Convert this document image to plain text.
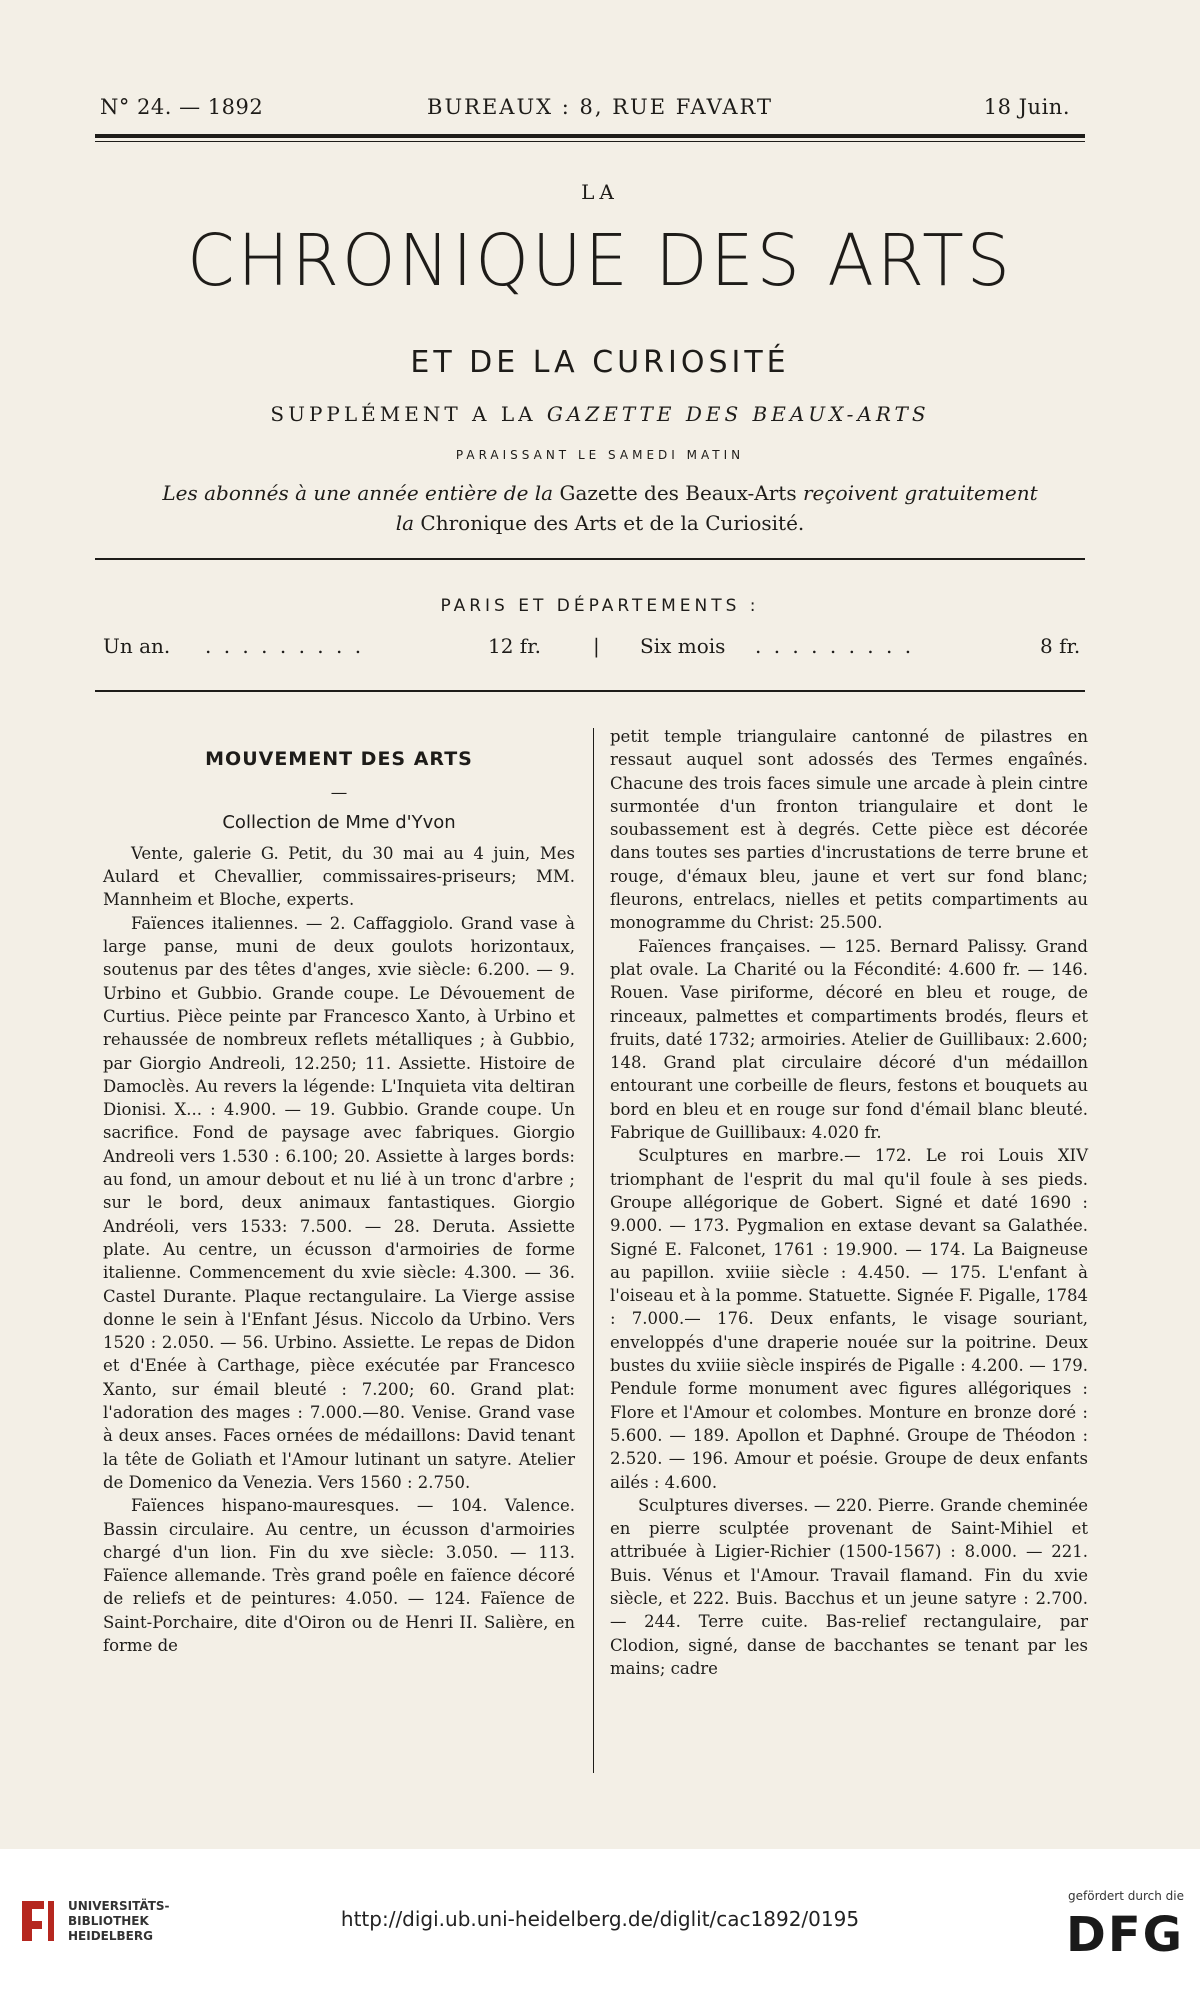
N° 24. — 1892	BUREAUX : 8, RUE FAVART	18 Juin.
LA
CHRONIQUE DES ARTS
ET DE LA CURIOSITÉ
SUPPLÉMENT A LA GAZETTE DES BEAUX-ARTS
PARAISSANT LE SAMEDI MATIN
Les abonnés à une année entière de la Gazette des Beaux-Arts reçoivent gratuitement
la Chronique des Arts et de la Curiosité.
PARIS ET DÉPARTEMENTS :
Un an. . . . . . . . . .	12 fr.	| Six mois . . . . . . . . .	8 fr.
MOUVEMENT DES ARTS
—
Collection de Mme d'Yvon

Vente, galerie G. Petit, du 30 mai au 4 juin, Mes Aulard et Chevallier, commissaires-priseurs; MM. Mannheim et Bloche, experts.

Faïences italiennes. — 2. Caffaggiolo. Grand vase à large panse, muni de deux goulots horizontaux, soutenus par des têtes d'anges, xvie siècle: 6.200. — 9. Urbino et Gubbio. Grande coupe. Le Dévouement de Curtius. Pièce peinte par Francesco Xanto, à Urbino et rehaussée de nombreux reflets métalliques ; à Gubbio, par Giorgio Andreoli, 12.250; 11. Assiette. Histoire de Damoclès. Au revers la légende: L'Inquieta vita deltiran Dionisi. X... : 4.900. — 19. Gubbio. Grande coupe. Un sacrifice. Fond de paysage avec fabriques. Giorgio Andreoli vers 1.530 : 6.100; 20. Assiette à larges bords: au fond, un amour debout et nu lié à un tronc d'arbre ; sur le bord, deux animaux fantastiques. Giorgio Andréoli, vers 1533: 7.500. — 28. Deruta. Assiette plate. Au centre, un écusson d'armoiries de forme italienne. Commencement du xvie siècle: 4.300. — 36. Castel Durante. Plaque rectangulaire. La Vierge assise donne le sein à l'Enfant Jésus. Niccolo da Urbino. Vers 1520 : 2.050. — 56. Urbino. Assiette. Le repas de Didon et d'Enée à Carthage, pièce exécutée par Francesco Xanto, sur émail bleuté : 7.200; 60. Grand plat: l'adoration des mages : 7.000.—80. Venise. Grand vase à deux anses. Faces ornées de médaillons: David tenant la tête de Goliath et l'Amour lutinant un satyre. Atelier de Domenico da Venezia. Vers 1560 : 2.750.

Faïences hispano-mauresques. — 104. Valence. Bassin circulaire. Au centre, un écusson d'armoiries chargé d'un lion. Fin du xve siècle: 3.050. — 113. Faïence allemande. Très grand poêle en faïence décoré de reliefs et de peintures: 4.050. — 124. Faïence de Saint-Porchaire, dite d'Oiron ou de Henri II. Salière, en forme de

petit temple triangulaire cantonné de pilastres en ressaut auquel sont adossés des Termes engaînés. Chacune des trois faces simule une arcade à plein cintre surmontée d'un fronton triangulaire et dont le soubassement est à degrés. Cette pièce est décorée dans toutes ses parties d'incrustations de terre brune et rouge, d'émaux bleu, jaune et vert sur fond blanc; fleurons, entrelacs, nielles et petits compartiments au monogramme du Christ: 25.500.

Faïences françaises. — 125. Bernard Palissy. Grand plat ovale. La Charité ou la Fécondité: 4.600 fr. — 146. Rouen. Vase piriforme, décoré en bleu et rouge, de rinceaux, palmettes et compartiments brodés, fleurs et fruits, daté 1732; armoiries. Atelier de Guillibaux: 2.600; 148. Grand plat circulaire décoré d'un médaillon entourant une corbeille de fleurs, festons et bouquets au bord en bleu et en rouge sur fond d'émail blanc bleuté. Fabrique de Guillibaux: 4.020 fr.

Sculptures en marbre.— 172. Le roi Louis XIV triomphant de l'esprit du mal qu'il foule à ses pieds. Groupe allégorique de Gobert. Signé et daté 1690 : 9.000. — 173. Pygmalion en extase devant sa Galathée. Signé E. Falconet, 1761 : 19.900. — 174. La Baigneuse au papillon. xviiie siècle : 4.450. — 175. L'enfant à l'oiseau et à la pomme. Statuette. Signée F. Pigalle, 1784 : 7.000.— 176. Deux enfants, le visage souriant, enveloppés d'une draperie nouée sur la poitrine. Deux bustes du xviiie siècle inspirés de Pigalle : 4.200. — 179. Pendule forme monument avec figures allégoriques : Flore et l'Amour et colombes. Monture en bronze doré : 5.600. — 189. Apollon et Daphné. Groupe de Théodon : 2.520. — 196. Amour et poésie. Groupe de deux enfants ailés : 4.600.

Sculptures diverses. — 220. Pierre. Grande cheminée en pierre sculptée provenant de Saint-Mihiel et attribuée à Ligier-Richier (1500-1567) : 8.000. — 221. Buis. Vénus et l'Amour. Travail flamand. Fin du xvie siècle, et 222. Buis. Bacchus et un jeune satyre : 2.700. — 244. Terre cuite. Bas-relief rectangulaire, par Clodion, signé, danse de bacchantes se tenant par les mains; cadre

UNIVERSITÄTS-
BIBLIOTHEK
HEIDELBERG
http://digi.ub.uni-heidelberg.de/diglit/cac1892/0195
gefördert durch die
DFG
